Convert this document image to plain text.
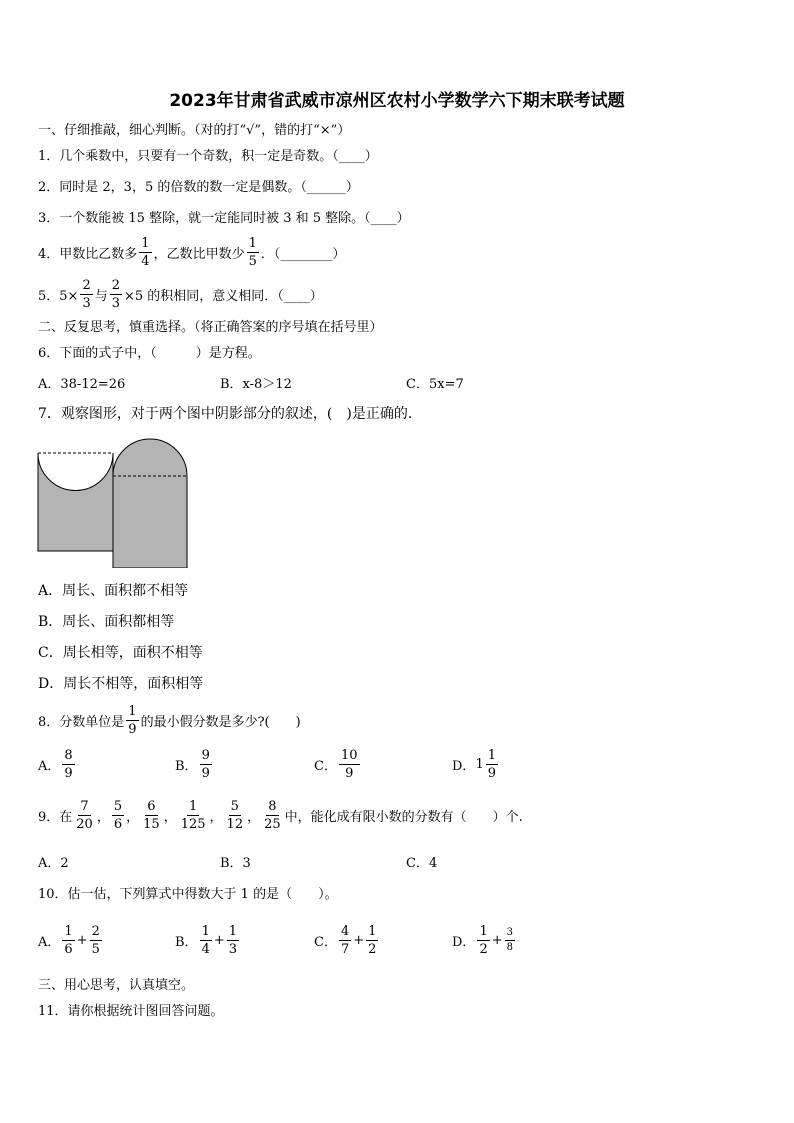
2023年甘肃省武威市凉州区农村小学数学六下期末联考试题
一、仔细推敲，细心判断。（对的打“√”，错的打“×”）
1．几个乘数中，只要有一个奇数，积一定是奇数。（____）
2．同时是 2，3，5 的倍数的数一定是偶数。（______）
3．一个数能被 15 整除，就一定能同时被 3 和 5 整除。（____）
4．甲数比乙数多 $\frac{1}{4}$ ，乙数比甲数少 $\frac{1}{5}$ ．（________）
5．$5\times \frac{2}{3}$ 与 $\frac{2}{3} \times 5$ 的积相同，意义相同．（____）
二、反复思考，慎重选择。（将正确答案的序号填在括号里）
6．下面的式子中，（　　　）是方程。
A．38-12=26	B．x-8＞12	C．5x=7
7．观察图形，对于两个图中阴影部分的叙述，(　)是正确的．
A．周长、面积都不相等
B．周长、面积都相等
C．周长相等，面积不相等
D．周长不相等，面积相等
8．分数单位是 $\frac{1}{9}$ 的最小假分数是多少?(　　)
A． $\frac{8}{9}$	B． $\frac{9}{9}$	C． $\frac{10}{9}$	D． $1 \frac{1}{9}$
9．在 $\frac{7}{20}$ ， $\frac{5}{6}$ ， $\frac{6}{15}$ ， $\frac{1}{125}$ ， $\frac{5}{12}$ ， $\frac{8}{25}$ 中，能化成有限小数的分数有（　　）个.
A．2	B．3	C．4
10．估一估，下列算式中得数大于 1 的是（　　）。
A． $\frac{1}{6} + \frac{2}{5}$	B． $\frac{1}{4} + \frac{1}{3}$	C． $\frac{4}{7} + \frac{1}{2}$	D． $\frac{1}{2} + \frac{3}{8}$
三、用心思考，认真填空。
11．请你根据统计图回答问题。
